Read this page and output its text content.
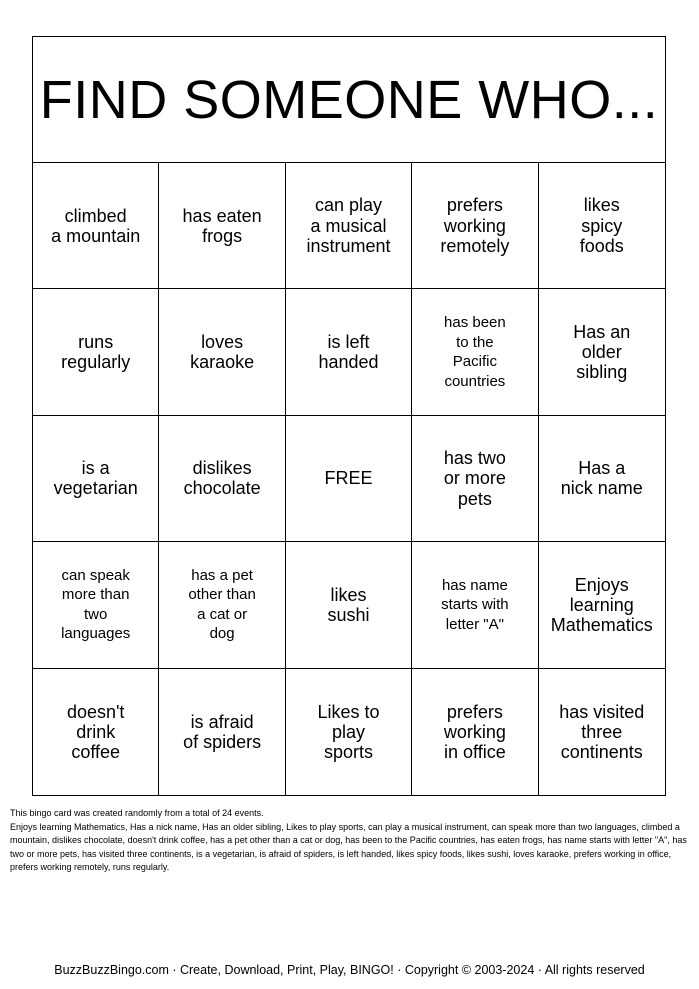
FIND SOMEONE WHO...
climbed
a mountain
has eaten
frogs
can play
a musical
instrument
prefers
working
remotely
likes
spicy
foods
runs
regularly
loves
karaoke
is left
handed
has been
to the
Pacific
countries
Has an
older
sibling
is a
vegetarian
dislikes
chocolate
FREE
has two
or more
pets
Has a
nick name
can speak
more than
two
languages
has a pet
other than
a cat or
dog
likes
sushi
has name
starts with
letter "A"
Enjoys
learning
Mathematics
doesn't
drink
coffee
is afraid
of spiders
Likes to
play
sports
prefers
working
in office
has visited
three
continents

This bingo card was created randomly from a total of 24 events.

Enjoys learning Mathematics, Has a nick name, Has an older sibling, Likes to play sports, can play a musical instrument, can speak more than two languages, climbed a mountain, dislikes chocolate, doesn't drink coffee, has a pet other than a cat or dog, has been to the Pacific countries, has eaten frogs, has name starts with letter "A", has two or more pets, has visited three continents, is a vegetarian, is afraid of spiders, is left handed, likes spicy foods, likes sushi, loves karaoke, prefers working in office, prefers working remotely, runs regularly.

BuzzBuzzBingo.com · Create, Download, Print, Play, BINGO! · Copyright © 2003-2024 · All rights reserved
